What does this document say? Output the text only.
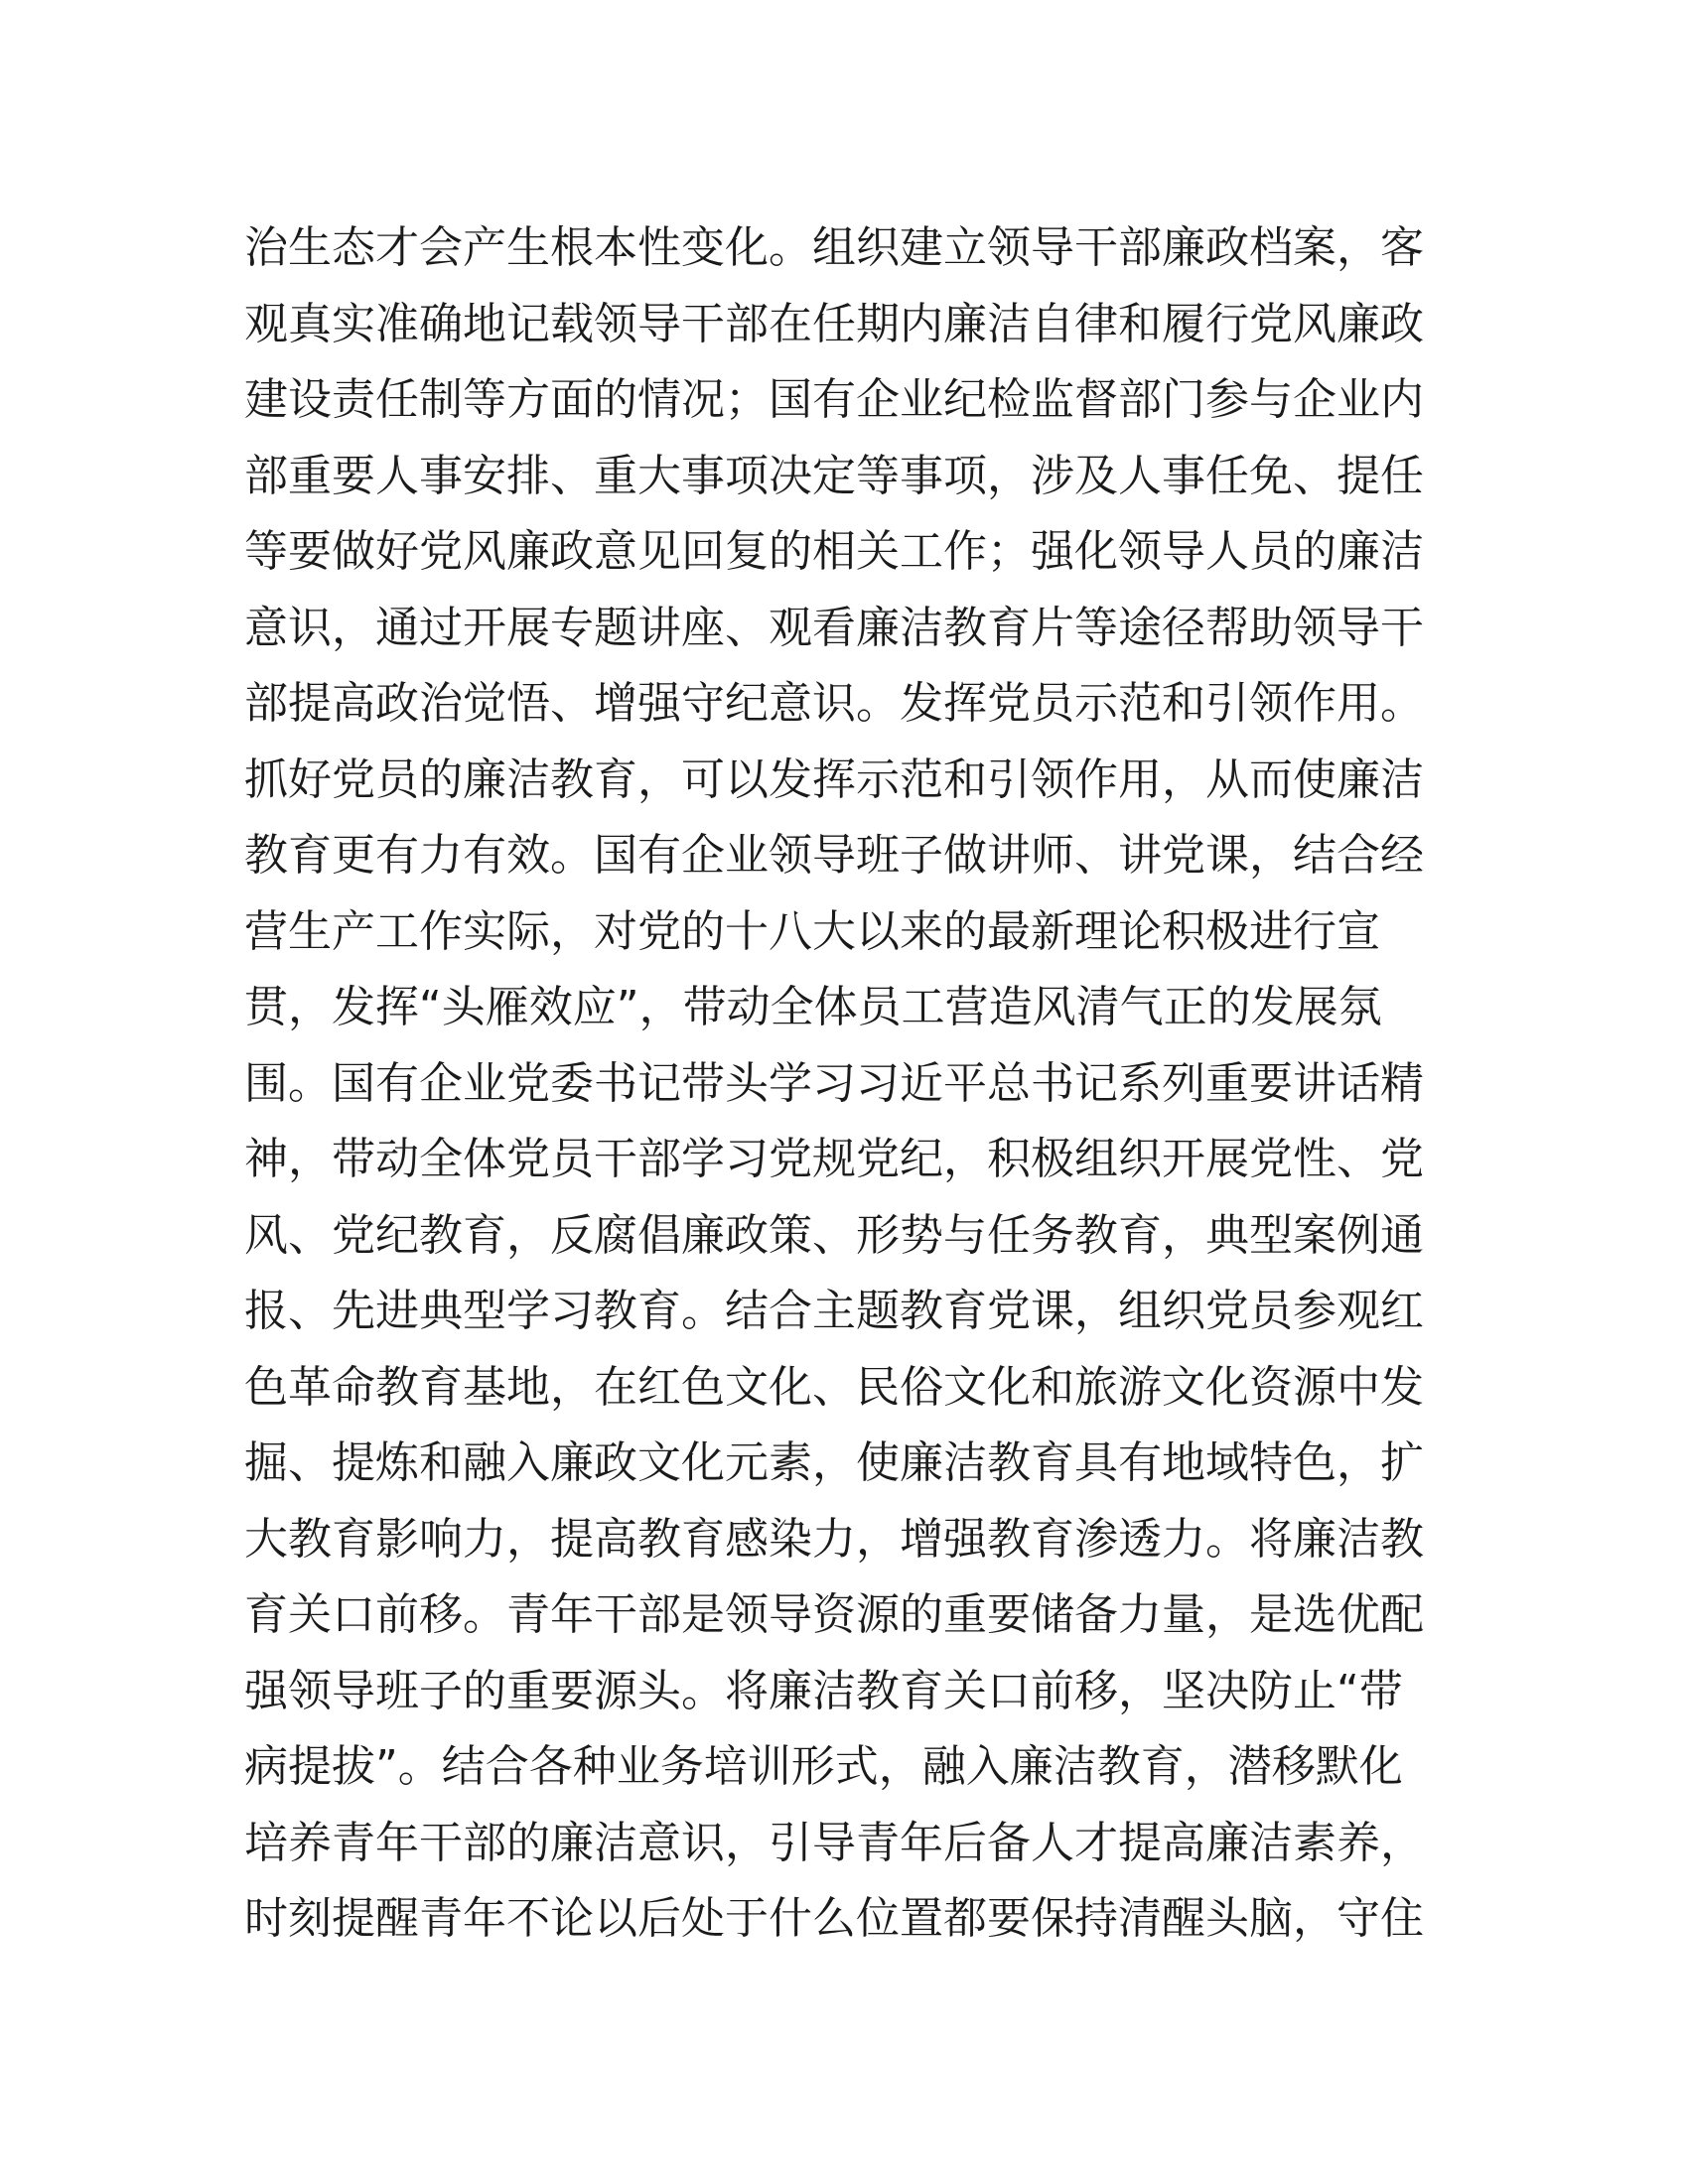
治生态才会产生根本性变化。组织建立领导干部廉政档案，客
观真实准确地记载领导干部在任期内廉洁自律和履行党风廉政
建设责任制等方面的情况；国有企业纪检监督部门参与企业内
部重要人事安排、重大事项决定等事项，涉及人事任免、提任
等要做好党风廉政意见回复的相关工作；强化领导人员的廉洁
意识，通过开展专题讲座、观看廉洁教育片等途径帮助领导干
部提高政治觉悟、增强守纪意识。发挥党员示范和引领作用。
抓好党员的廉洁教育，可以发挥示范和引领作用，从而使廉洁
教育更有力有效。国有企业领导班子做讲师、讲党课，结合经
营生产工作实际，对党的十八大以来的最新理论积极进行宣
贯，发挥“头雁效应”，带动全体员工营造风清气正的发展氛
围。国有企业党委书记带头学习习近平总书记系列重要讲话精
神，带动全体党员干部学习党规党纪，积极组织开展党性、党
风、党纪教育，反腐倡廉政策、形势与任务教育，典型案例通
报、先进典型学习教育。结合主题教育党课，组织党员参观红
色革命教育基地，在红色文化、民俗文化和旅游文化资源中发
掘、提炼和融入廉政文化元素，使廉洁教育具有地域特色，扩
大教育影响力，提高教育感染力，增强教育渗透力。将廉洁教
育关口前移。青年干部是领导资源的重要储备力量，是选优配
强领导班子的重要源头。将廉洁教育关口前移，坚决防止“带
病提拔”。结合各种业务培训形式，融入廉洁教育，潜移默化
培养青年干部的廉洁意识，引导青年后备人才提高廉洁素养，
时刻提醒青年不论以后处于什么位置都要保持清醒头脑，守住
